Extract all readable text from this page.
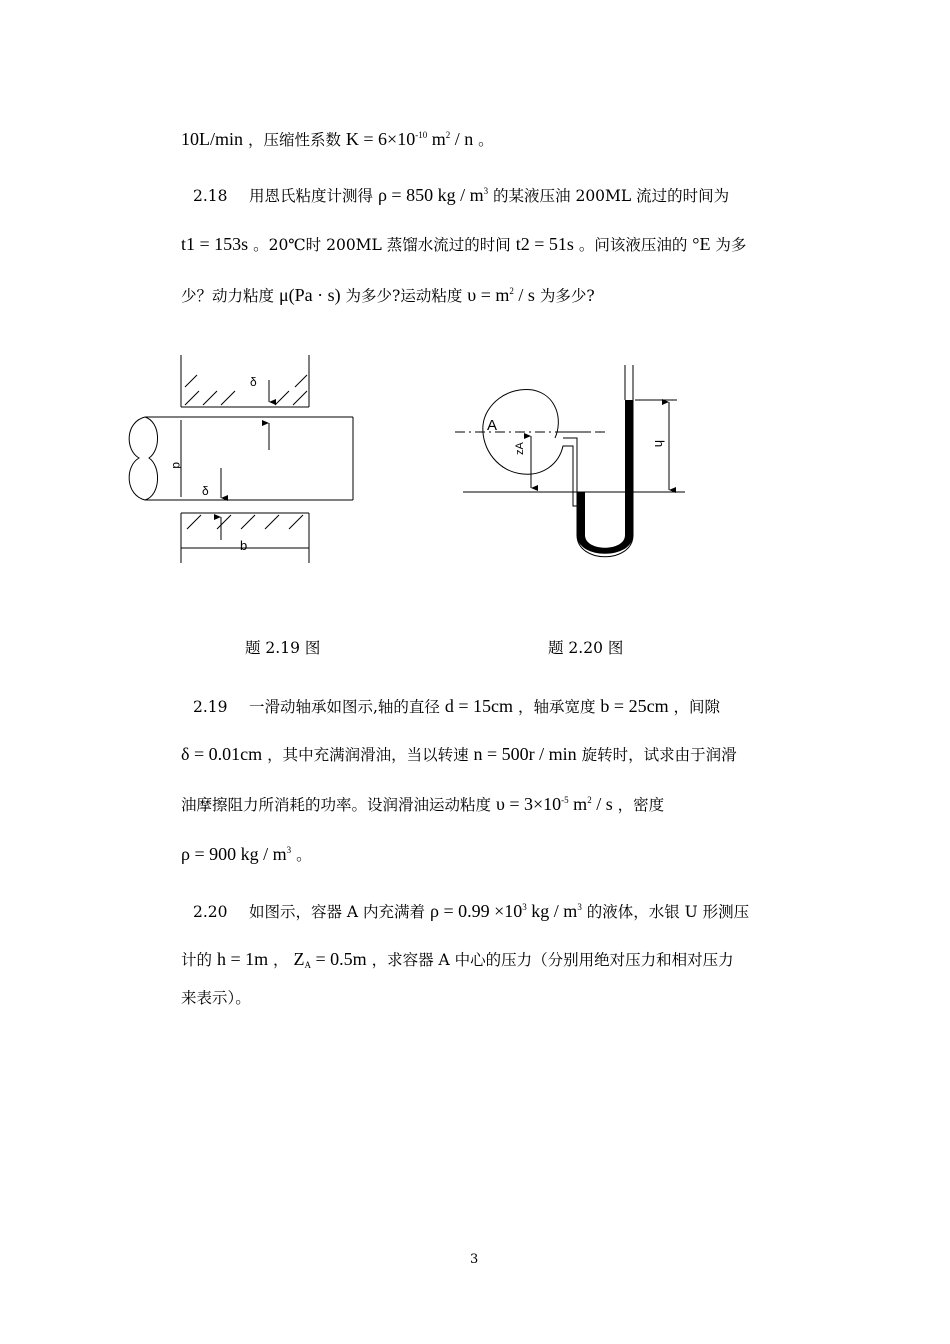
10L/min ，压缩性系数 $K = 6\times 10^{-10}$ $m^2$ / n 。
2.18 用恩氏粘度计测得 ρ = 850 kg / $m^3$ 的某液压油 200ML 流过的时间为
t1 = 153s 。20℃时 200ML 蒸馏水流过的时间 t2 = 51s 。问该液压油的 °E 为多
少？动力粘度 μ(Pa · s) 为多少?运动粘度 $\upsilon = m^2 / s$ 为多少?
δ
δ
d
b
A
zA	h
题 2.19 图	题 2.20 图
2.19 一滑动轴承如图示,轴的直径 d = 15cm ，轴承宽度 b = 25cm ，间隙
δ = 0.01cm ，其中充满润滑油，当以转速 n = 500r / min 旋转时，试求由于润滑
油摩擦阻力所消耗的功率。设润滑油运动粘度 $\upsilon = 3\times 10^{-5}$ $m^2$ / s ，密度
ρ = 900 kg / $m^3$ 。
2.20 如图示，容器 A 内充满着 $\rho = 0.99 \times 10^3$ kg / $m^3$ 的液体，水银 U 形测压
计的 h = 1m ， $Z_A = 0.5m$ ，求容器 A 中心的压力（分别用绝对压力和相对压力
来表示）。
3
